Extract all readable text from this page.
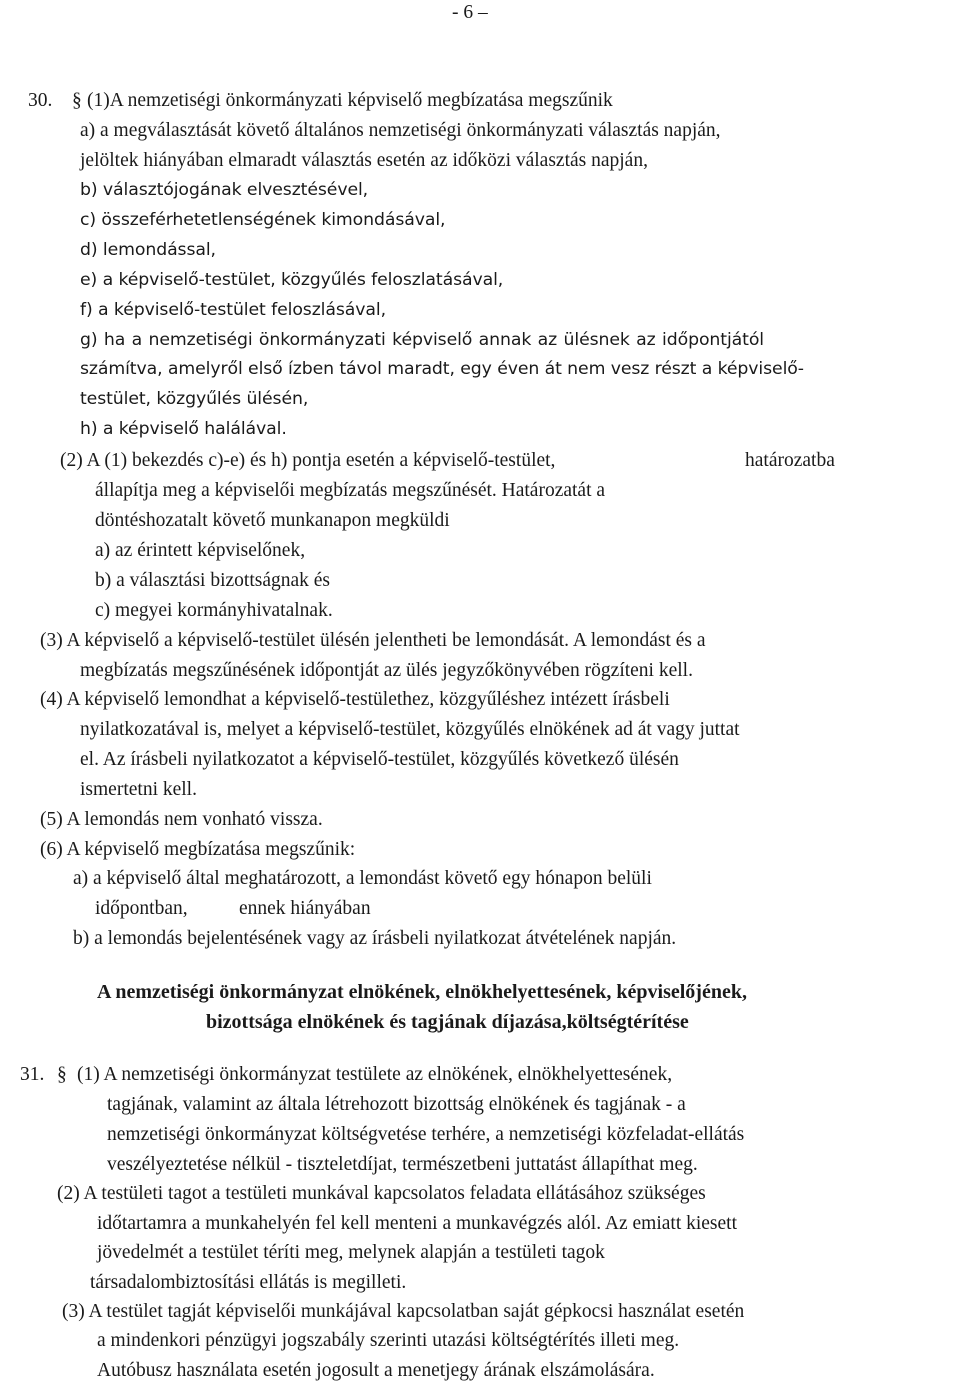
- 6 –
30. § (1)A nemzetiségi önkormányzati képviselő megbízatása megszűnik
a) a megválasztását követő általános nemzetiségi önkormányzati választás napján,
jelöltek hiányában elmaradt választás esetén az időközi választás napján,
b) választójogának elvesztésével,
c) összeférhetetlenségének kimondásával,
d) lemondással,
e) a képviselő-testület, közgyűlés feloszlatásával,
f) a képviselő-testület feloszlásával,
g) ha a nemzetiségi önkormányzati képviselő annak az ülésnek az időpontjától
számítva, amelyről első ízben távol maradt, egy éven át nem vesz részt a képviselő-
testület, közgyűlés ülésén,
h) a képviselő halálával.
(2) A (1) bekezdés c)-e) és h) pontja esetén a képviselő-testület,	határozatba
állapítja meg a képviselői megbízatás megszűnését. Határozatát a
döntéshozatalt követő munkanapon megküldi
a) az érintett képviselőnek,
b) a választási bizottságnak és
c) megyei kormányhivatalnak.
(3) A képviselő a képviselő-testület ülésén jelentheti be lemondását. A lemondást és a
megbízatás megszűnésének időpontját az ülés jegyzőkönyvében rögzíteni kell.
(4) A képviselő lemondhat a képviselő-testülethez, közgyűléshez intézett írásbeli
nyilatkozatával is, melyet a képviselő-testület, közgyűlés elnökének ad át vagy juttat
el. Az írásbeli nyilatkozatot a képviselő-testület, közgyűlés következő ülésén
ismertetni kell.
(5) A lemondás nem vonható vissza.
(6) A képviselő megbízatása megszűnik:
a) a képviselő által meghatározott, a lemondást követő egy hónapon belüli
időpontban,	ennek hiányában
b) a lemondás bejelentésének vagy az írásbeli nyilatkozat átvételének napján.
A nemzetiségi önkormányzat elnökének, elnökhelyettesének, képviselőjének,
bizottsága elnökének és tagjának díjazása,költségtérítése
31. § (1) A nemzetiségi önkormányzat testülete az elnökének, elnökhelyettesének,
tagjának, valamint az általa létrehozott bizottság elnökének és tagjának - a
nemzetiségi önkormányzat költségvetése terhére, a nemzetiségi közfeladat-ellátás
veszélyeztetése nélkül - tiszteletdíjat, természetbeni juttatást állapíthat meg.
(2) A testületi tagot a testületi munkával kapcsolatos feladata ellátásához szükséges
időtartamra a munkahelyén fel kell menteni a munkavégzés alól. Az emiatt kiesett
jövedelmét a testület téríti meg, melynek alapján a testületi tagok
társadalombiztosítási ellátás is megilleti.
(3) A testület tagját képviselői munkájával kapcsolatban saját gépkocsi használat esetén
a mindenkori pénzügyi jogszabály szerinti utazási költségtérítés illeti meg.
Autóbusz használata esetén jogosult a menetjegy árának elszámolására.
